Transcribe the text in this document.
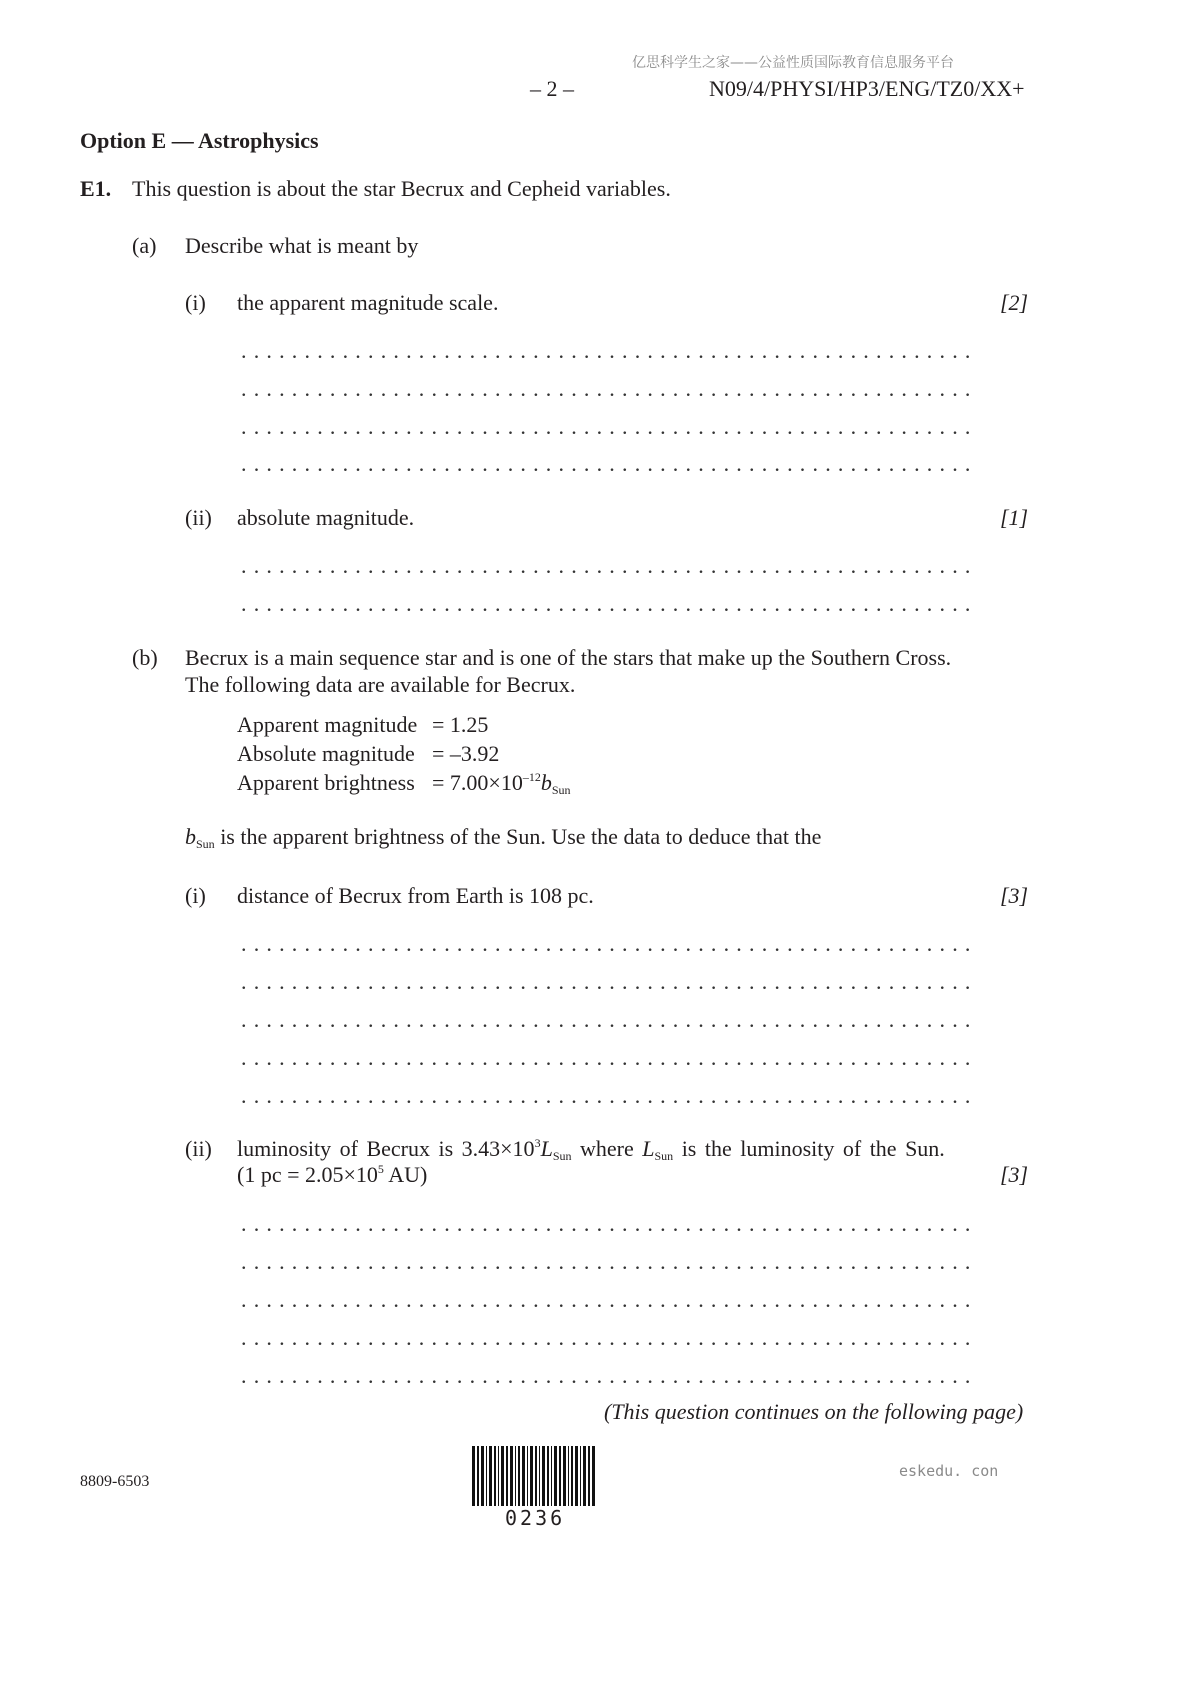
亿思科学生之家——公益性质国际教育信息服务平台
– 2 –	N09/4/PHYSI/HP3/ENG/TZ0/XX+
Option E — Astrophysics
E1. This question is about the star Becrux and Cepheid variables.
(a) Describe what is meant by
(i) the apparent magnitude scale.	[2]
..........................................................
..........................................................
..........................................................
..........................................................
(ii) absolute magnitude.	[1]
..........................................................
..........................................................
(b) Becrux is a main sequence star and is one of the stars that make up the Southern Cross.
The following data are available for Becrux.
Apparent magnitude = 1.25
Absolute magnitude = –3.92
Apparent brightness = $7.00\times 10^{-12}b_{Sun}$
$b_{Sun}$ is the apparent brightness of the Sun. Use the data to deduce that the
(i) distance of Becrux from Earth is 108 pc.	[3]
..........................................................
..........................................................
..........................................................
..........................................................
..........................................................
(ii) luminosity of Becrux is $3.43\times 10^3L_{Sun}$ where $L_{Sun}$ is the luminosity of the Sun.
(1 pc = $2.05\times 10^5$ AU)	[3]
..........................................................
..........................................................
..........................................................
..........................................................
..........................................................
(This question continues on the following page)
8809-6503
0236
eskedu. con
